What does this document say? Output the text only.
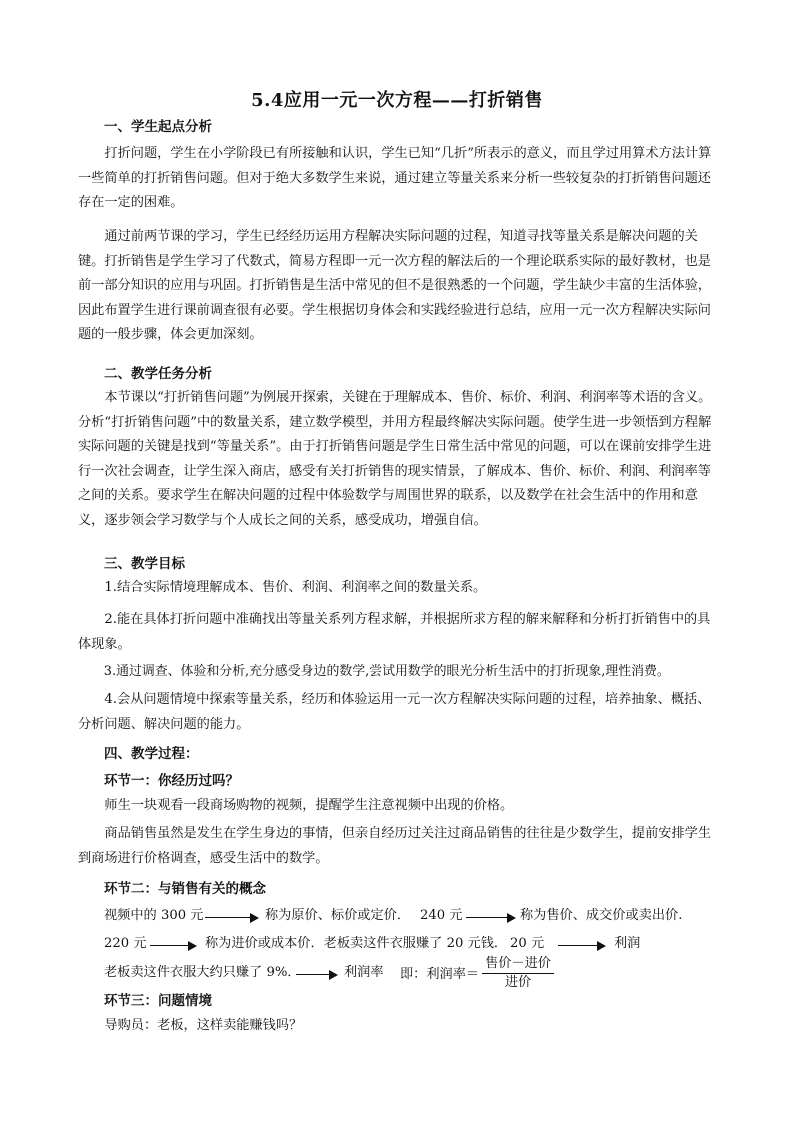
5.4应用一元一次方程——打折销售
一、学生起点分析
打折问题，学生在小学阶段已有所接触和认识，学生已知“几折”所表示的意义，而且学过用算术方法计算一些简单的打折销售问题。但对于绝大多数学生来说，通过建立等量关系来分析一些较复杂的打折销售问题还存在一定的困难。
通过前两节课的学习，学生已经经历运用方程解决实际问题的过程，知道寻找等量关系是解决问题的关键。打折销售是学生学习了代数式，简易方程即一元一次方程的解法后的一个理论联系实际的最好教材，也是前一部分知识的应用与巩固。打折销售是生活中常见的但不是很熟悉的一个问题，学生缺少丰富的生活体验，因此布置学生进行课前调查很有必要。学生根据切身体会和实践经验进行总结，应用一元一次方程解决实际问题的一般步骤，体会更加深刻。
二、教学任务分析
本节课以“打折销售问题”为例展开探索，关键在于理解成本、售价、标价、利润、利润率等术语的含义。分析“打折销售问题”中的数量关系，建立数学模型，并用方程最终解决实际问题。使学生进一步领悟到方程解实际问题的关键是找到“等量关系”。由于打折销售问题是学生日常生活中常见的问题，可以在课前安排学生进行一次社会调查，让学生深入商店，感受有关打折销售的现实情景，了解成本、售价、标价、利润、利润率等之间的关系。要求学生在解决问题的过程中体验数学与周围世界的联系，以及数学在社会生活中的作用和意义，逐步领会学习数学与个人成长之间的关系，感受成功，增强自信。
三、教学目标
1.结合实际情境理解成本、售价、利润、利润率之间的数量关系。
2.能在具体打折问题中准确找出等量关系列方程求解，并根据所求方程的解来解释和分析打折销售中的具体现象。
3.通过调查、体验和分析,充分感受身边的数学,尝试用数学的眼光分析生活中的打折现象,理性消费。
4.会从问题情境中探索等量关系，经历和体验运用一元一次方程解决实际问题的过程，培养抽象、概括、分析问题、解决问题的能力。
四、教学过程：
环节一：你经历过吗？
师生一块观看一段商场购物的视频，提醒学生注意视频中出现的价格。
商品销售虽然是发生在学生身边的事情，但亲自经历过关注过商品销售的往往是少数学生，提前安排学生到商场进行价格调查，感受生活中的数学。
环节二：与销售有关的概念
视频中的 300 元	称为原价、标价或定价． 240 元	称为售价、成交价或卖出价.
220 元	称为进价或成本价．老板卖这件衣服赚了 20 元钱． 20 元	利润
老板卖这件衣服大约只赚了 9%．	利润率 即：利润率＝
售价－进价
进价
环节三：问题情境
导购员：老板，这样卖能赚钱吗？
